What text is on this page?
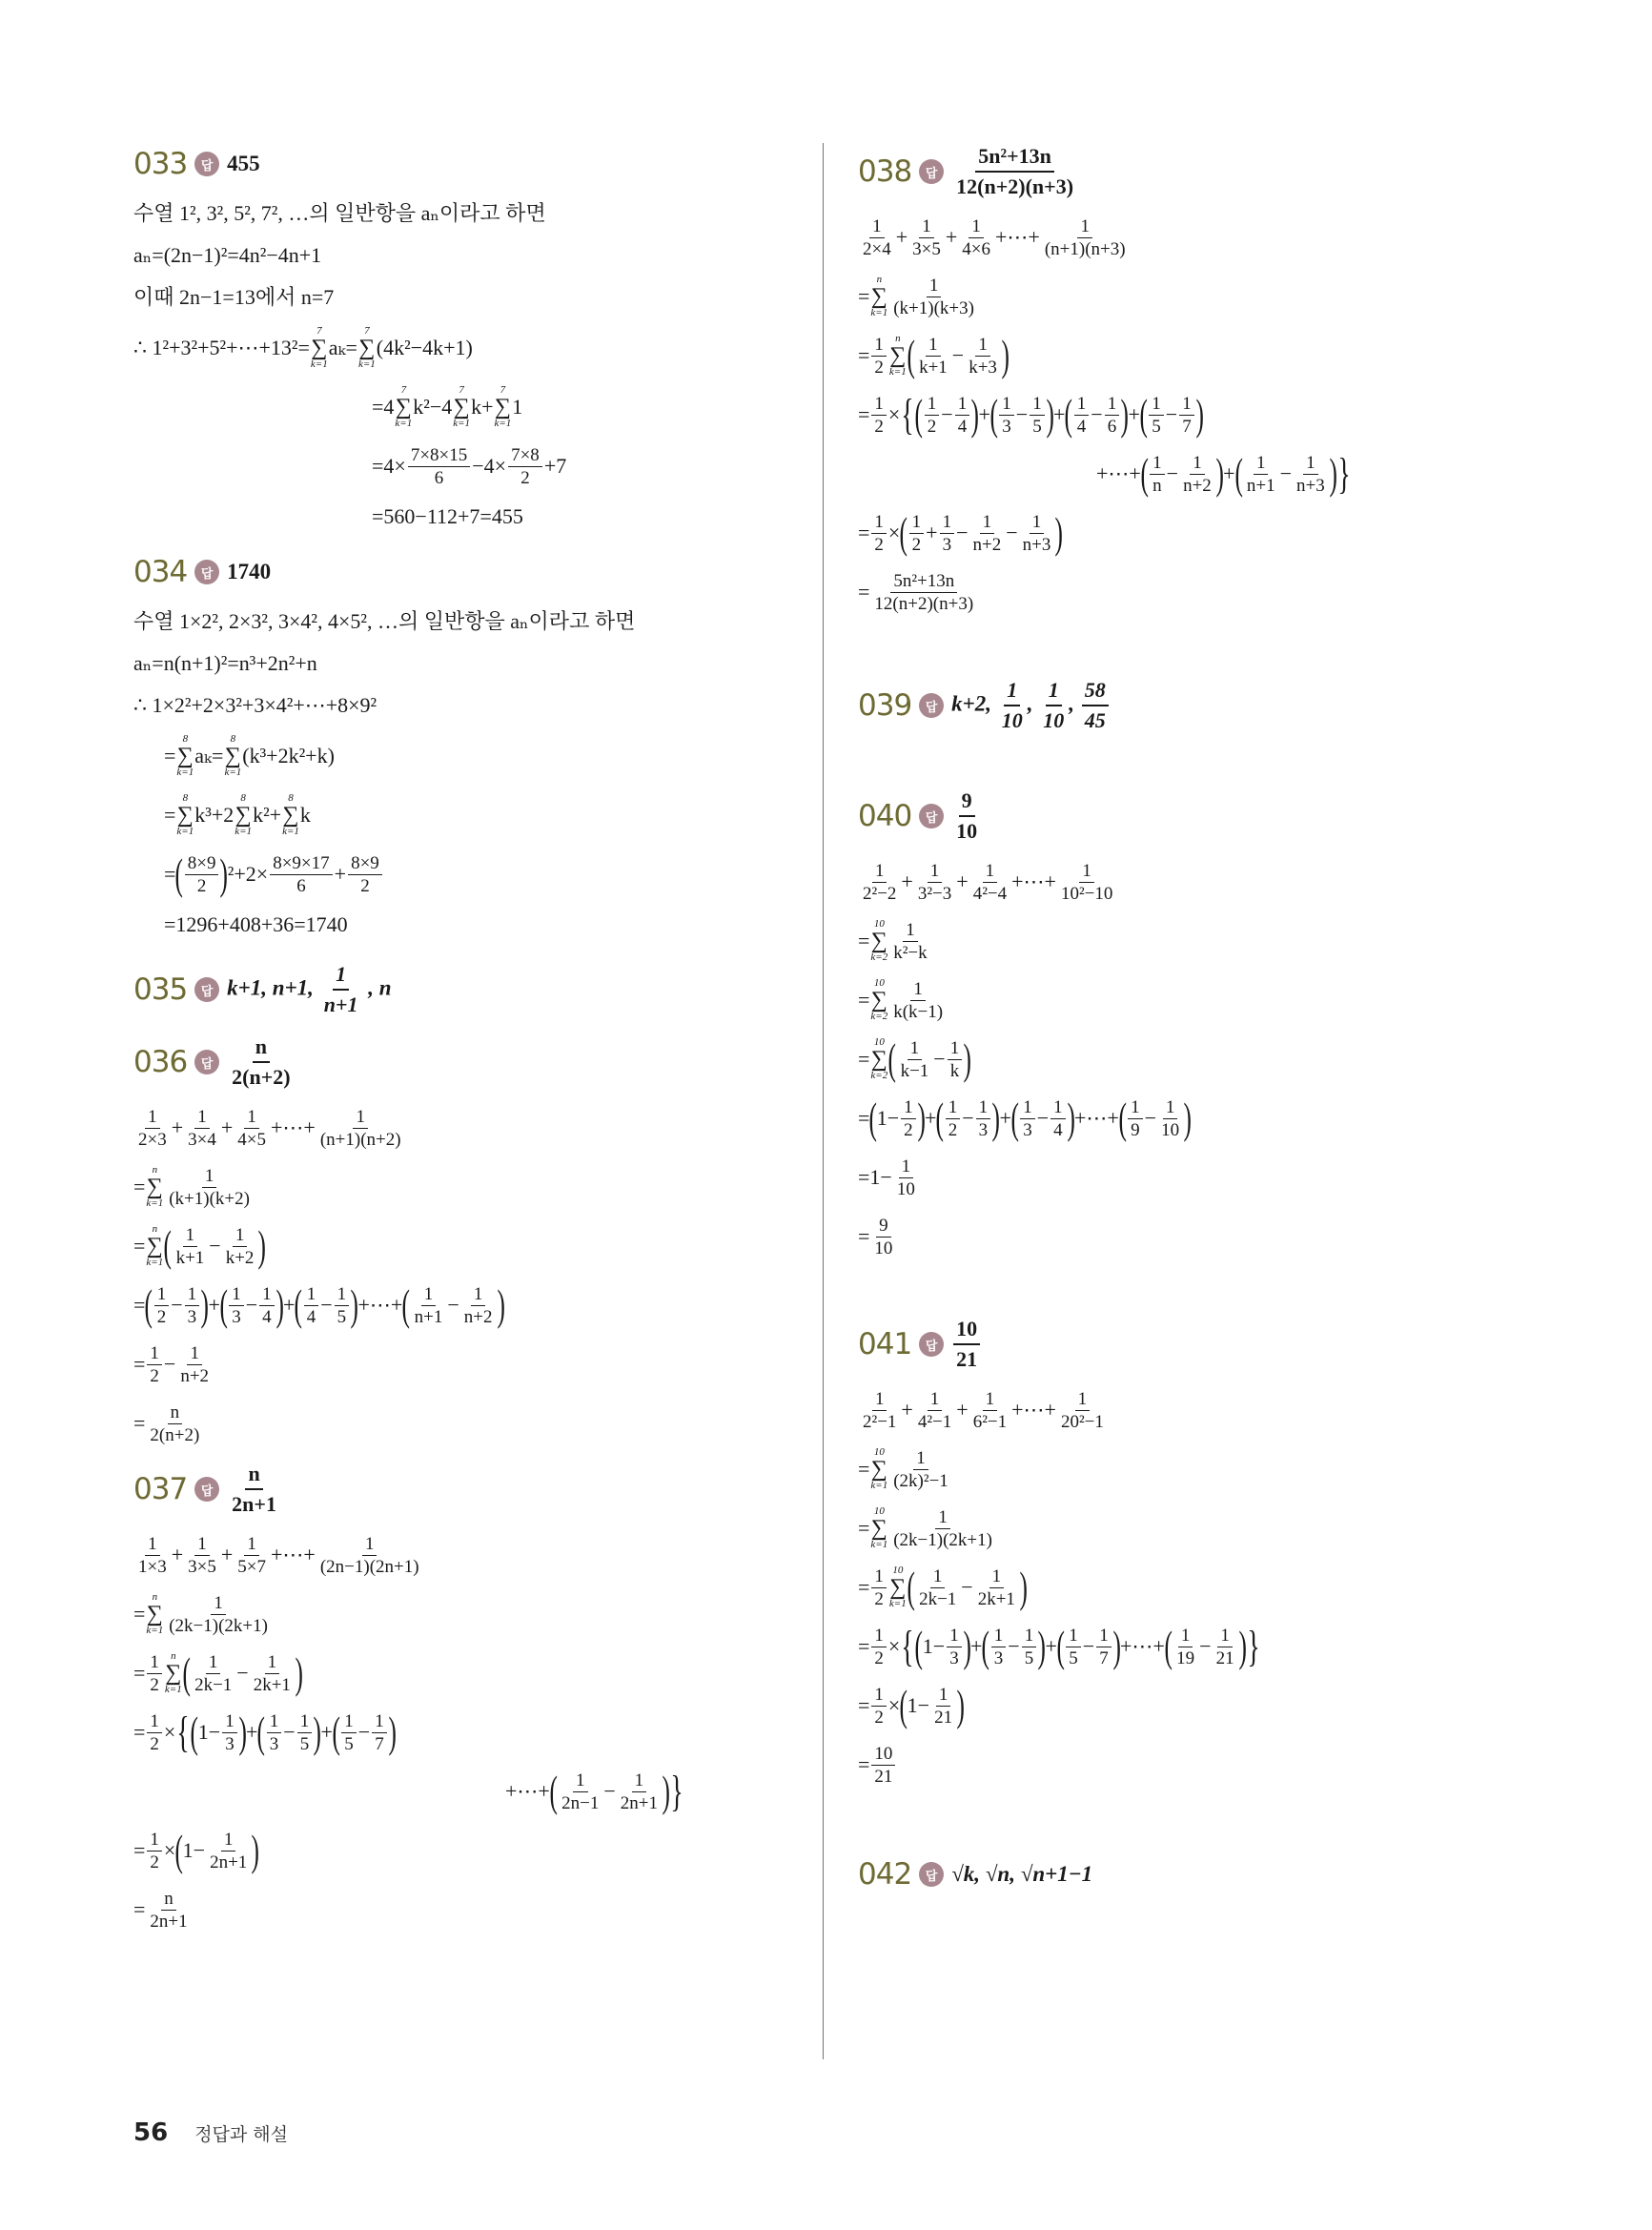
033	답 455
수열 1², 3², 5², 7², …의 일반항을 aₙ이라고 하면
aₙ=(2n−1)²=4n²−4n+1
이때 2n−1=13에서 n=7
∴ 1²+3²+5²+⋯+13²=
7
∑
k=1
aₖ=
7
∑
k=1
(4k²−4k+1)
=4
7
∑
k=1
k²−4
7
∑
k=1
k+
7
∑
k=1
1
$=4\times \frac{7\times 8\times 15}{6} -4\times \frac{7\times 8}{2} +7$
=560−112+7=455
034	답 1740
수열 1×2², 2×3², 3×4², 4×5², …의 일반항을 aₙ이라고 하면
aₙ=n(n+1)²=n³+2n²+n
∴ 1×2²+2×3²+3×4²+⋯+8×9²
=
8
∑
k=1
aₖ=
8
∑
k=1
(k³+2k²+k)
=
8
∑
k=1
k³+2
8
∑
k=1
k²+
8
∑
k=1
k
= ( $\frac{8\times 9}{2}$ ) $^2+2\times \frac{8\times 9\times 17}{6} + \frac{8\times 9}{2}$
=1296+408+36=1740
035	답 k+1, n+1, $\frac{1}{n+1}$ , n
036	답 $\frac{n}{2(n+2)}$
$\frac{1}{2\times 3} + \frac{1}{3\times 4} + \frac{1}{4\times 5}$ +⋯+ $\frac{1}{(n+1)(n+2)}$
=
n
∑
$k=1 \frac{1}{(k+1)(k+2)}$
=
n
∑
k=1 ( $\frac{1}{k+1} - \frac{1}{k+2}$ )
= ( $\frac{1}{2} - \frac{1}{3}$ ) + ( $\frac{1}{3} - \frac{1}{4}$ ) + ( $\frac{1}{4} - \frac{1}{5}$ ) +⋯+ ( $\frac{1}{n+1} - \frac{1}{n+2}$ )
= $\frac{1}{2} - \frac{1}{n+2}$
= $\frac{n}{2(n+2)}$
037	답 $\frac{n}{2n+1}$
$\frac{1}{1\times 3} + \frac{1}{3\times 5} + \frac{1}{5\times 7}$ +⋯+ $\frac{1}{(2n-1)(2n+1)}$
=
n
∑
$k=1 \frac{1}{(2k-1)(2k+1)}$
= $\frac{1}{2}$ n
∑
k=1 ( $\frac{1}{2k-1} - \frac{1}{2k+1}$ )
= $\frac{1}{2}$ × { ( $1 - \frac{1}{3}$ ) + ( $\frac{1}{3} - \frac{1}{5}$ ) + ( $\frac{1}{5} - \frac{1}{7}$ )
+⋯+ ( $\frac{1}{2n-1} - \frac{1}{2n+1}$ ) }
= $\frac{1}{2}$ × ( $1 - \frac{1}{2n+1}$ )
= $\frac{n}{2n+1}$
038	답 $\frac{\text{5n²+13n}}{12(n+2)(n+3)}$
$\frac{1}{2\times 4} + \frac{1}{3\times 5} + \frac{1}{4\times 6}$ +⋯+ $\frac{1}{(n+1)(n+3)}$
=
n
∑
$k=1 \frac{1}{(k+1)(k+3)}$
= $\frac{1}{2}$ n
∑
k=1 ( $\frac{1}{k+1} - \frac{1}{k+3}$ )
= $\frac{1}{2}$ × { ( $\frac{1}{2} - \frac{1}{4}$ ) + ( $\frac{1}{3} - \frac{1}{5}$ ) + ( $\frac{1}{4} - \frac{1}{6}$ ) + ( $\frac{1}{5} - \frac{1}{7}$ )
+⋯+ ( $\frac{1}{n} - \frac{1}{n+2}$ ) + ( $\frac{1}{n+1} - \frac{1}{n+3}$ ) }
= $\frac{1}{2}$ × ( $\frac{1}{2} + \frac{1}{3} - \frac{1}{n+2} - \frac{1}{n+3}$ )
= $\frac{\text{5n²+13n}}{12(n+2)(n+3)}$
039	답 k+2, $\frac{1}{10}$ , $\frac{1}{10}$ , $\frac{58}{45}$
040	답 $\frac{9}{10}$
$\frac{1}{\text{2²−2}} + \frac{1}{\text{3²−3}} + \frac{1}{\text{4²−4}}$ +⋯+ $\frac{1}{\text{10²−10}}$
=
10
∑
$k=2 \frac{1}{\text{k²−k}}$
=
10
∑
$k=2 \frac{1}{k(k-1)}$
=
10
∑
k=2 ( $\frac{1}{k-1} - \frac{1}{k}$ )
= ( $1 - \frac{1}{2}$ ) + ( $\frac{1}{2} - \frac{1}{3}$ ) + ( $\frac{1}{3} - \frac{1}{4}$ ) +⋯+ ( $\frac{1}{9} - \frac{1}{10}$ )
= $1 - \frac{1}{10}$
= $\frac{9}{10}$
041	답 $\frac{10}{21}$
$\frac{1}{\text{2²−1}} + \frac{1}{\text{4²−1}} + \frac{1}{\text{6²−1}}$ +⋯+ $\frac{1}{\text{20²−1}}$
=
10
∑
$k=1 \frac{1}{\text{(2k)²−1}}$
=
10
∑
$k=1 \frac{1}{(2k-1)(2k+1)}$
= $\frac{1}{2} 10$
∑
k=1 ( $\frac{1}{2k-1} - \frac{1}{2k+1}$ )
= $\frac{1}{2}$ × { ( $1 - \frac{1}{3}$ ) + ( $\frac{1}{3} - \frac{1}{5}$ ) + ( $\frac{1}{5} - \frac{1}{7}$ ) +⋯+ ( $\frac{1}{19} - \frac{1}{21}$ ) }
= $\frac{1}{2}$ × ( $1 - \frac{1}{21}$ )
= $\frac{10}{21}$
042	답 √k, √n, √n+1−1
56 정답과 해설
